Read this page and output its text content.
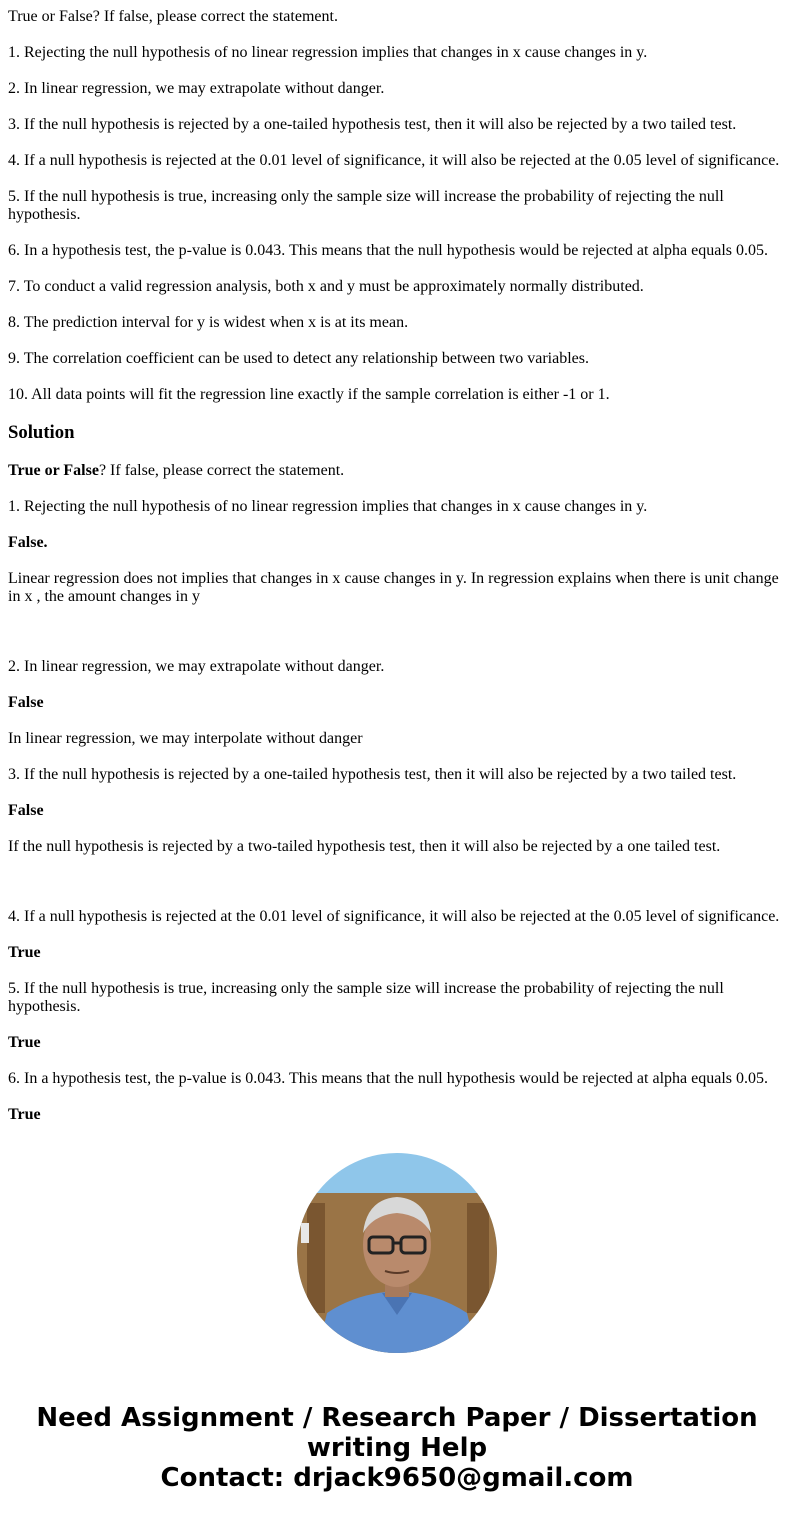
True or False? If false, please correct the statement.

1. Rejecting the null hypothesis of no linear regression implies that changes in x cause changes in y.

2. In linear regression, we may extrapolate without danger.

3. If the null hypothesis is rejected by a one-tailed hypothesis test, then it will also be rejected by a two tailed test.

4. If a null hypothesis is rejected at the 0.01 level of significance, it will also be rejected at the 0.05 level of significance.

5. If the null hypothesis is true, increasing only the sample size will increase the probability of rejecting the null hypothesis.

6. In a hypothesis test, the p-value is 0.043. This means that the null hypothesis would be rejected at alpha equals 0.05.

7. To conduct a valid regression analysis, both x and y must be approximately normally distributed.

8. The prediction interval for y is widest when x is at its mean.

9. The correlation coefficient can be used to detect any relationship between two variables.

10. All data points will fit the regression line exactly if the sample correlation is either -1 or 1.

Solution

True or False? If false, please correct the statement.

1. Rejecting the null hypothesis of no linear regression implies that changes in x cause changes in y.

False.

Linear regression does not implies that changes in x cause changes in y. In regression explains when there is unit change in x , the amount changes in y

2. In linear regression, we may extrapolate without danger.

False

In linear regression, we may interpolate without danger

3. If the null hypothesis is rejected by a one-tailed hypothesis test, then it will also be rejected by a two tailed test.

False

If the null hypothesis is rejected by a two-tailed hypothesis test, then it will also be rejected by a one tailed test.

4. If a null hypothesis is rejected at the 0.01 level of significance, it will also be rejected at the 0.05 level of significance.

True

5. If the null hypothesis is true, increasing only the sample size will increase the probability of rejecting the null hypothesis.

True

6. In a hypothesis test, the p-value is 0.043. This means that the null hypothesis would be rejected at alpha equals 0.05.

True

Need Assignment / Research Paper / Dissertation
writing Help
Contact: drjack9650@gmail.com
